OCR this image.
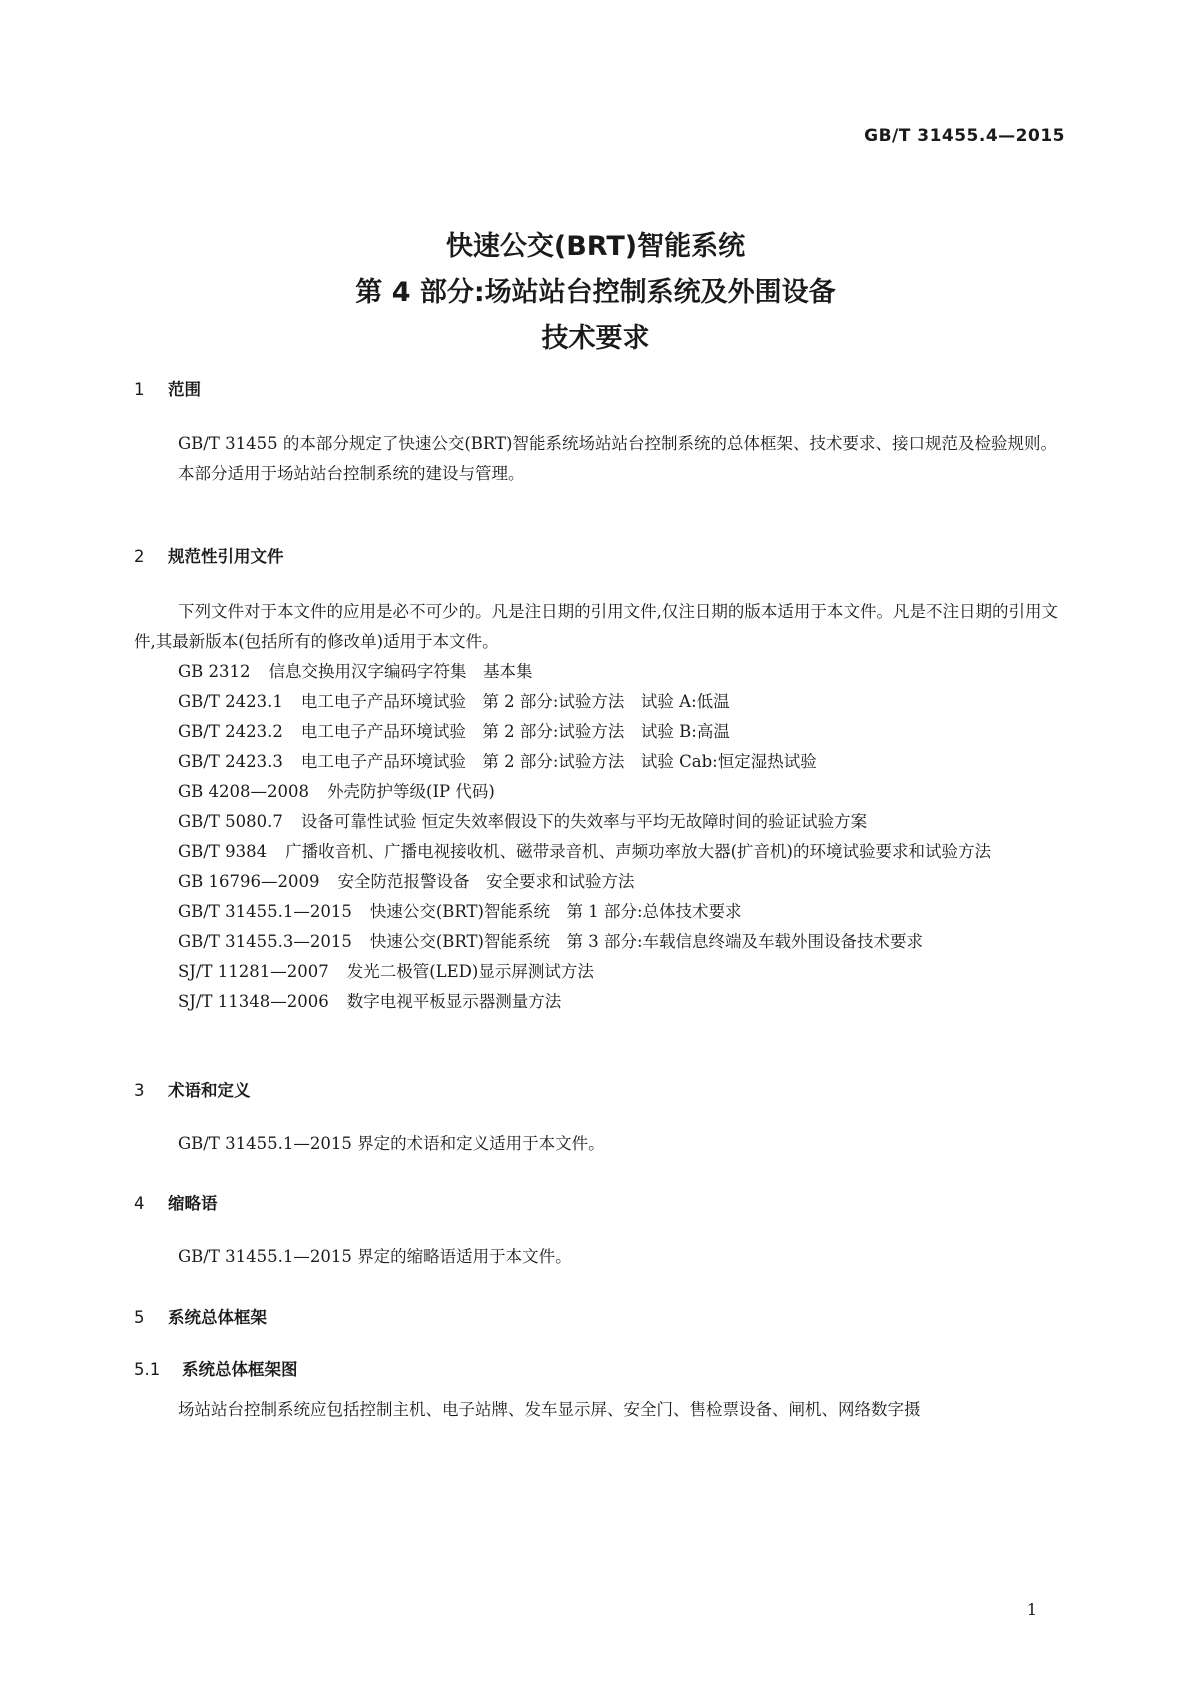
GB/T 31455.4—2015
快速公交(BRT)智能系统
第 4 部分:场站站台控制系统及外围设备
技术要求
1 范围

GB/T 31455 的本部分规定了快速公交(BRT)智能系统场站站台控制系统的总体框架、技术要求、接口规范及检验规则。

本部分适用于场站站台控制系统的建设与管理。

2 规范性引用文件

下列文件对于本文件的应用是必不可少的。凡是注日期的引用文件,仅注日期的版本适用于本文件。凡是不注日期的引用文件,其最新版本(包括所有的修改单)适用于本文件。

GB 2312 信息交换用汉字编码字符集　基本集

GB/T 2423.1 电工电子产品环境试验　第 2 部分:试验方法　试验 A:低温

GB/T 2423.2 电工电子产品环境试验　第 2 部分:试验方法　试验 B:高温

GB/T 2423.3 电工电子产品环境试验　第 2 部分:试验方法　试验 Cab:恒定湿热试验

GB 4208—2008 外壳防护等级(IP 代码)

GB/T 5080.7 设备可靠性试验 恒定失效率假设下的失效率与平均无故障时间的验证试验方案

GB/T 9384 广播收音机、广播电视接收机、磁带录音机、声频功率放大器(扩音机)的环境试验要求和试验方法

GB 16796—2009 安全防范报警设备　安全要求和试验方法

GB/T 31455.1—2015 快速公交(BRT)智能系统　第 1 部分:总体技术要求

GB/T 31455.3—2015 快速公交(BRT)智能系统　第 3 部分:车载信息终端及车载外围设备技术要求

SJ/T 11281—2007 发光二极管(LED)显示屏测试方法

SJ/T 11348—2006 数字电视平板显示器测量方法

3 术语和定义

GB/T 31455.1—2015 界定的术语和定义适用于本文件。

4 缩略语

GB/T 31455.1—2015 界定的缩略语适用于本文件。

5 系统总体框架
5.1 系统总体框架图

场站站台控制系统应包括控制主机、电子站牌、发车显示屏、安全门、售检票设备、闸机、网络数字摄

1
